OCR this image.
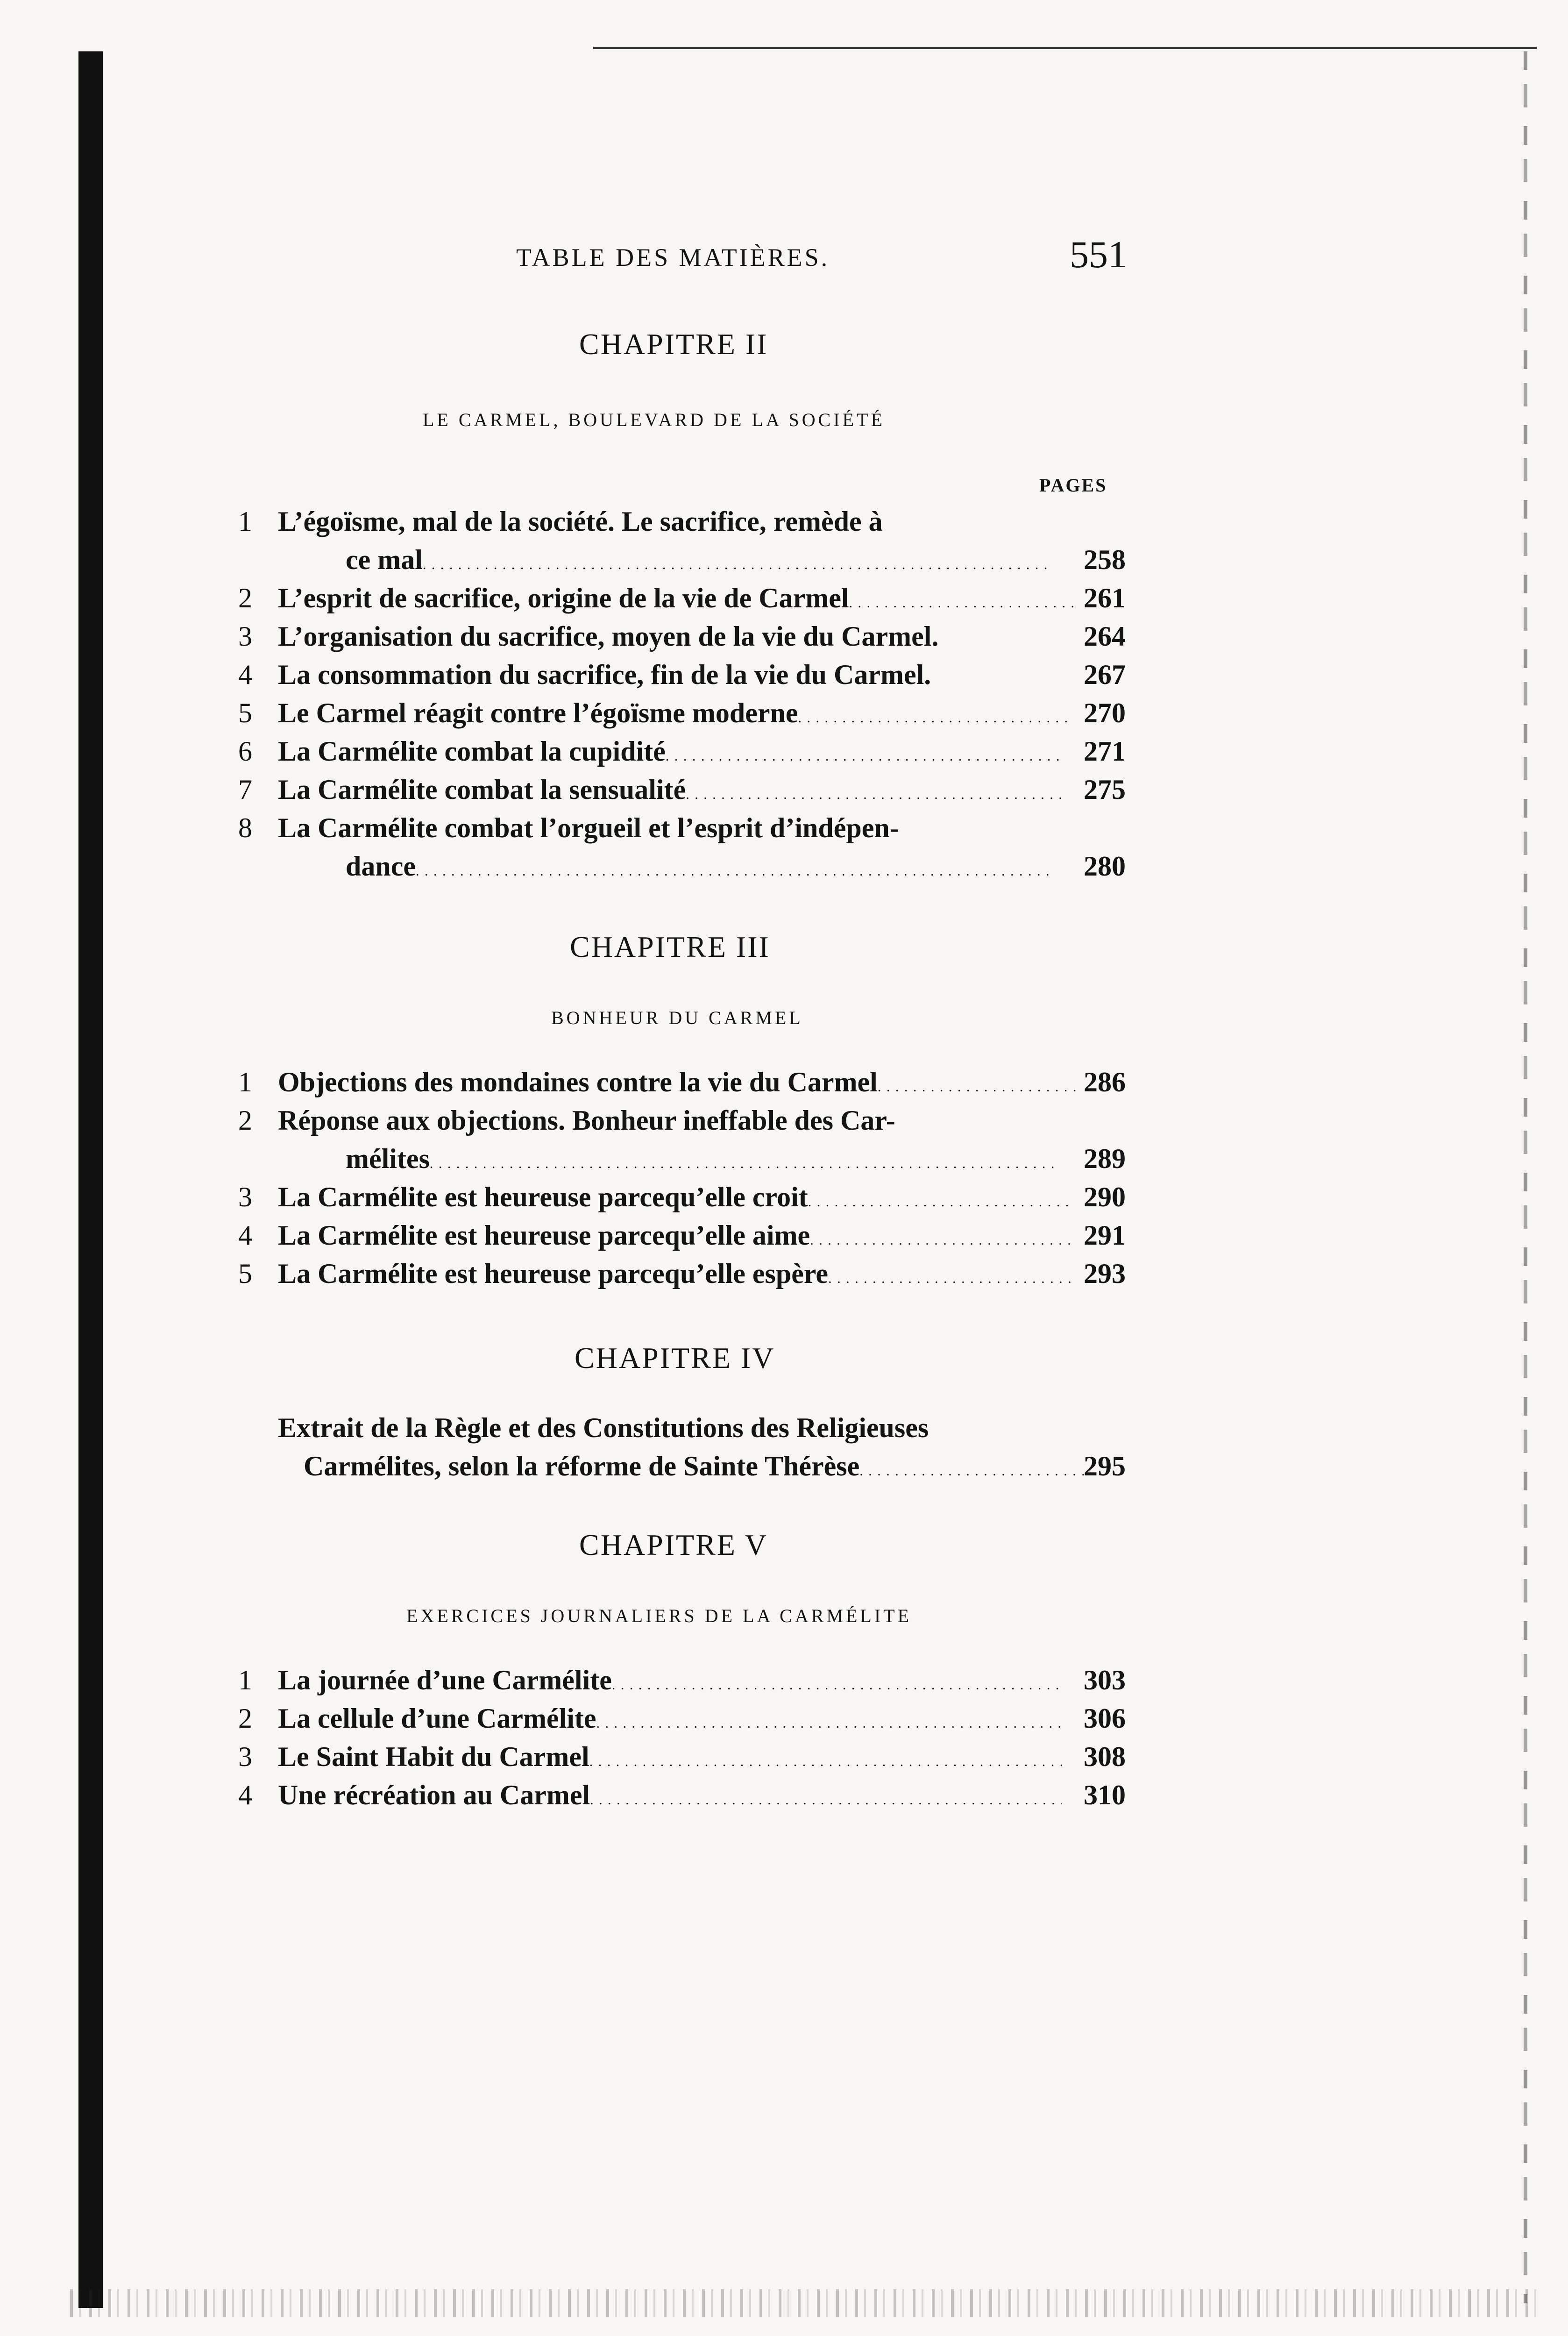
TABLE DES MATIÈRES.	551
CHAPITRE II
LE CARMEL, BOULEVARD DE LA SOCIÉTÉ
PAGES
1 L’égoïsme, mal de la société. Le sacrifice, remède à
ce mal . . .	258
2 L’esprit de sacrifice, origine de la vie de Carmel . . .	261
3 L’organisation du sacrifice, moyen de la vie du Carmel.	264
4 La consommation du sacrifice, fin de la vie du Carmel.	267
5 Le Carmel réagit contre l’égoïsme moderne . . .	270
6 La Carmélite combat la cupidité . . .	271
7 La Carmélite combat la sensualité . . .	275
8 La Carmélite combat l’orgueil et l’esprit d’indépen-
dance . . .	280
CHAPITRE III
BONHEUR DU CARMEL
1 Objections des mondaines contre la vie du Carmel . . .	286
2 Réponse aux objections. Bonheur ineffable des Car-
mélites . . .	289
3 La Carmélite est heureuse parcequ’elle croit . . .	290
4 La Carmélite est heureuse parcequ’elle aime . . .	291
5 La Carmélite est heureuse parcequ’elle espère . . .	293
CHAPITRE IV
Extrait de la Règle et des Constitutions des Religieuses
Carmélites, selon la réforme de Sainte Thérèse . . .	295
CHAPITRE V
EXERCICES JOURNALIERS DE LA CARMÉLITE
1 La journée d’une Carmélite . . .	303
2 La cellule d’une Carmélite . . .	306
3 Le Saint Habit du Carmel . . .	308
4 Une récréation au Carmel . . .	310
